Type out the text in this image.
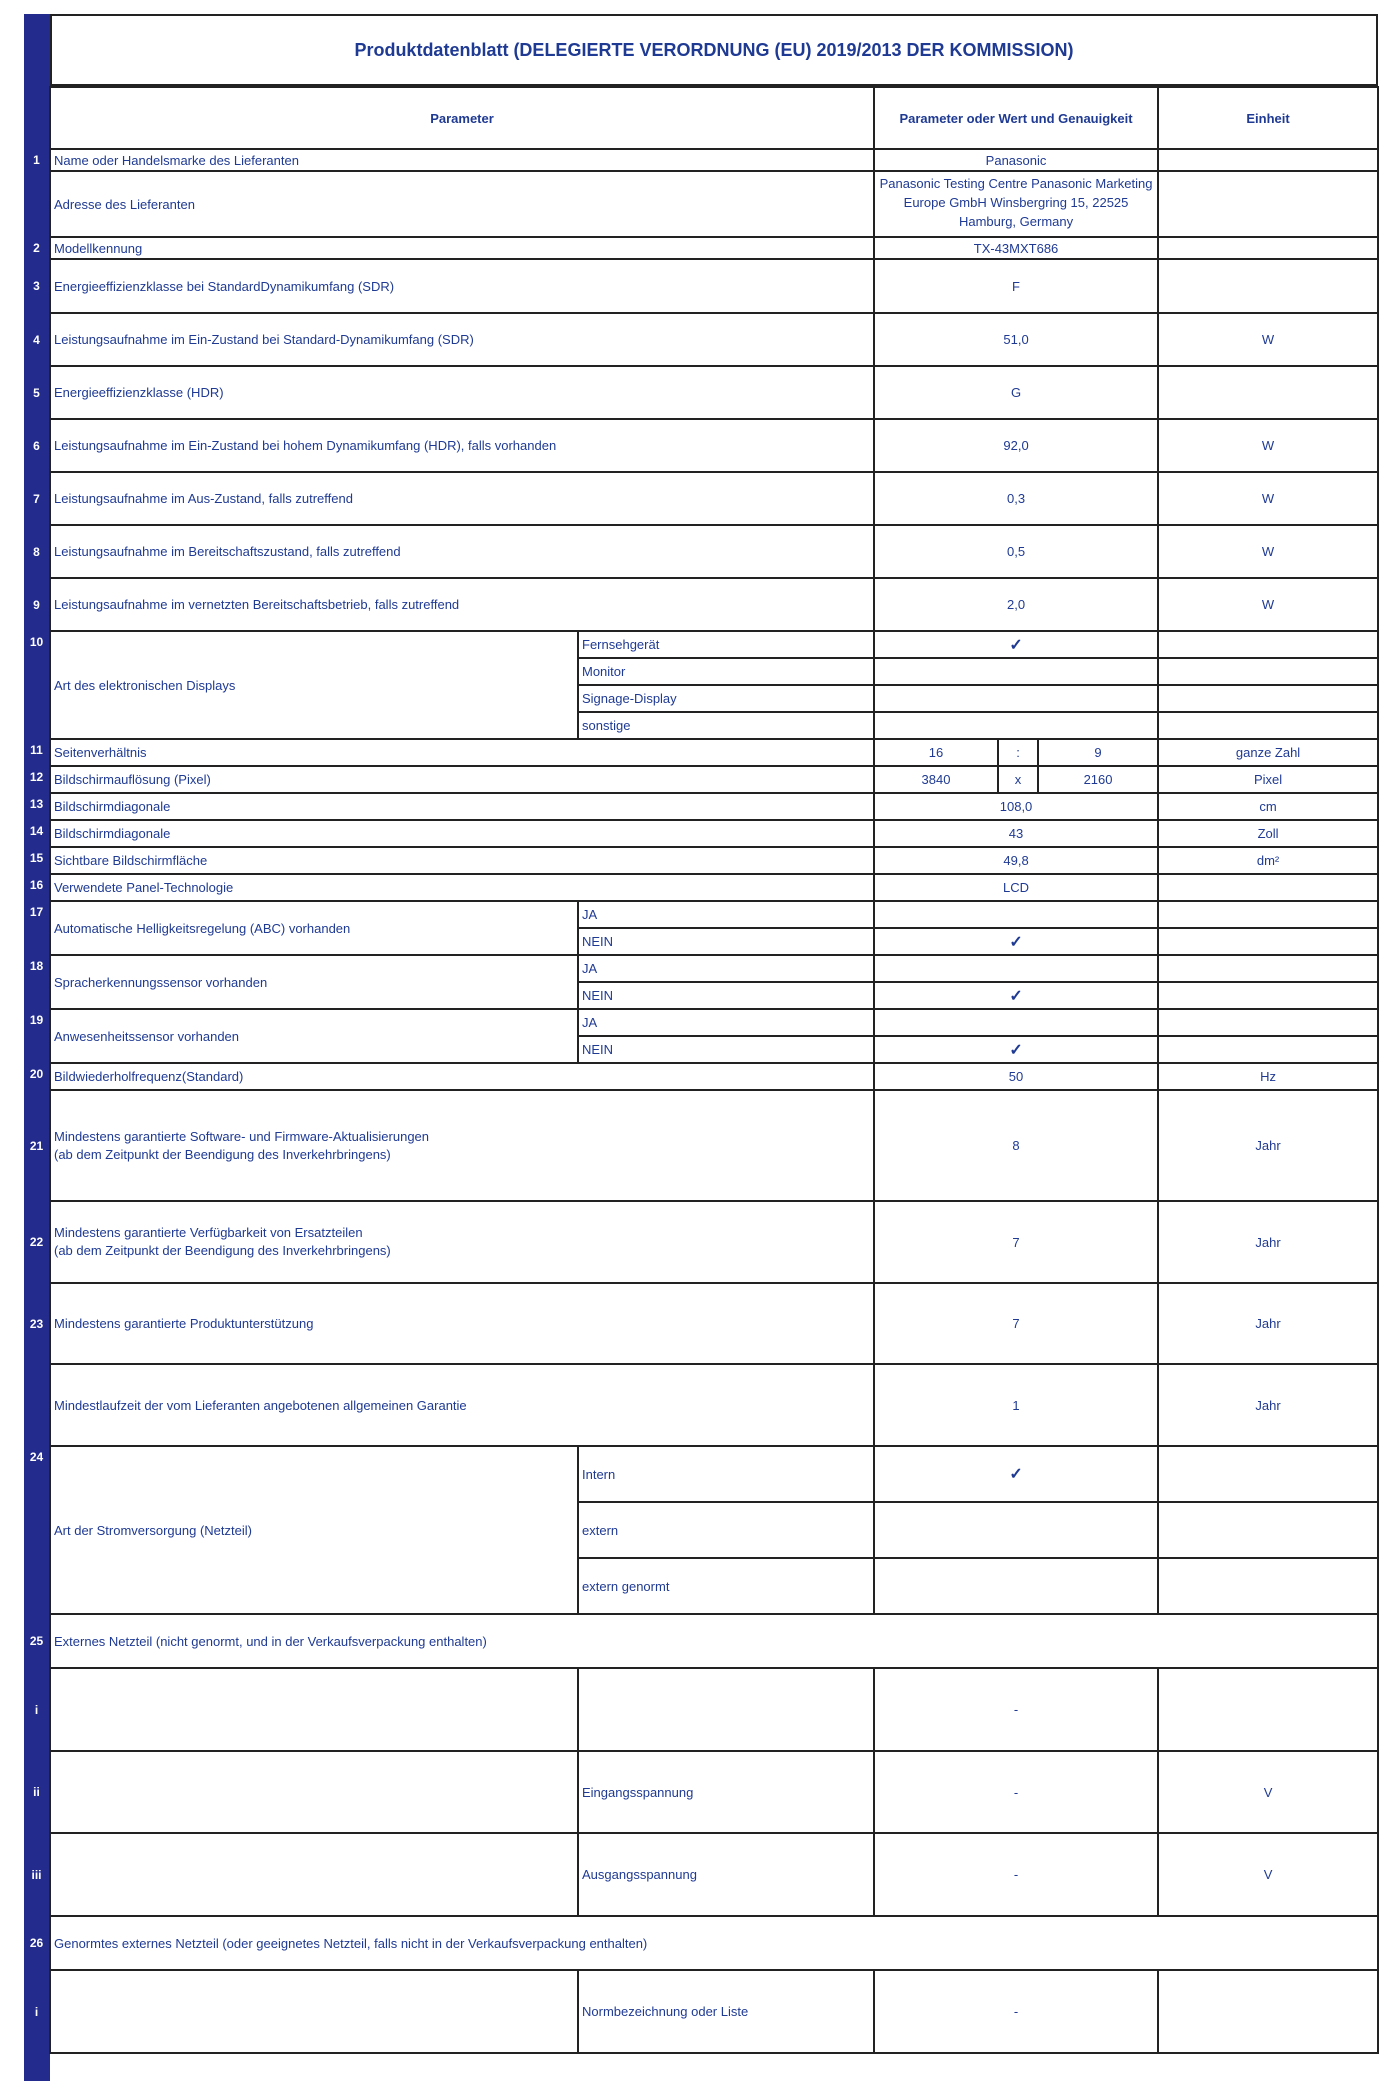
Produktdatenblatt (DELEGIERTE VERORDNUNG (EU) 2019/2013 DER KOMMISSION)
	Parameter		Parameter oder Wert und Genauigkeit			Einheit
1	Name oder Handelsmarke des Lieferanten		Panasonic			
	Adresse des Lieferanten		Panasonic Testing Centre Panasonic Marketing Europe GmbH Winsbergring 15, 22525 Hamburg, Germany			
2	Modellkennung		TX-43MXT686			
3	Energieeffizienzklasse bei StandardDynamikumfang (SDR)		F			
4	Leistungsaufnahme im Ein-Zustand bei Standard-Dynamikumfang (SDR)		51,0			W
5	Energieeffizienzklasse (HDR)		G			
6	Leistungsaufnahme im Ein-Zustand bei hohem Dynamikumfang (HDR), falls vorhanden		92,0			W
7	Leistungsaufnahme im Aus-Zustand, falls zutreffend		0,3			W
8	Leistungsaufnahme im Bereitschaftszustand, falls zutreffend		0,5			W
9	Leistungsaufnahme im vernetzten Bereitschaftsbetrieb, falls zutreffend		2,0			W
10	Art des elektronischen Displays	Fernsehgerät	✓			
		Monitor				
		Signage-Display				
		sonstige				
11	Seitenverhältnis		16	:	9	ganze Zahl
12	Bildschirmauflösung (Pixel)		3840	x	2160	Pixel
13	Bildschirmdiagonale		108,0			cm
14	Bildschirmdiagonale		43			Zoll
15	Sichtbare Bildschirmfläche		49,8			dm²
16	Verwendete Panel-Technologie		LCD			
17	Automatische Helligkeitsregelung (ABC) vorhanden	JA				
		NEIN	✓			
18	Spracherkennungssensor vorhanden	JA				
		NEIN	✓			
19	Anwesenheitssensor vorhanden	JA				
		NEIN	✓			
20	Bildwiederholfrequenz(Standard)		50			Hz
21	Mindestens garantierte Software- und Firmware-Aktualisierungen
(ab dem Zeitpunkt der Beendigung des Inverkehrbringens)		8			Jahr
22	Mindestens garantierte Verfügbarkeit von Ersatzteilen
(ab dem Zeitpunkt der Beendigung des Inverkehrbringens)		7			Jahr
23	Mindestens garantierte Produktunterstützung		7			Jahr
	Mindestlaufzeit der vom Lieferanten angebotenen allgemeinen Garantie		1			Jahr
24	Art der Stromversorgung (Netzteil)	Intern	✓			
		extern				
		extern genormt				
25	Externes Netzteil (nicht genormt, und in der Verkaufsverpackung enthalten)					
i			-			
ii		Eingangsspannung	-			V
iii		Ausgangsspannung	-			V
26	Genormtes externes Netzteil (oder geeignetes Netzteil, falls nicht in der Verkaufsverpackung enthalten)					
i		Normbezeichnung oder Liste	-			
